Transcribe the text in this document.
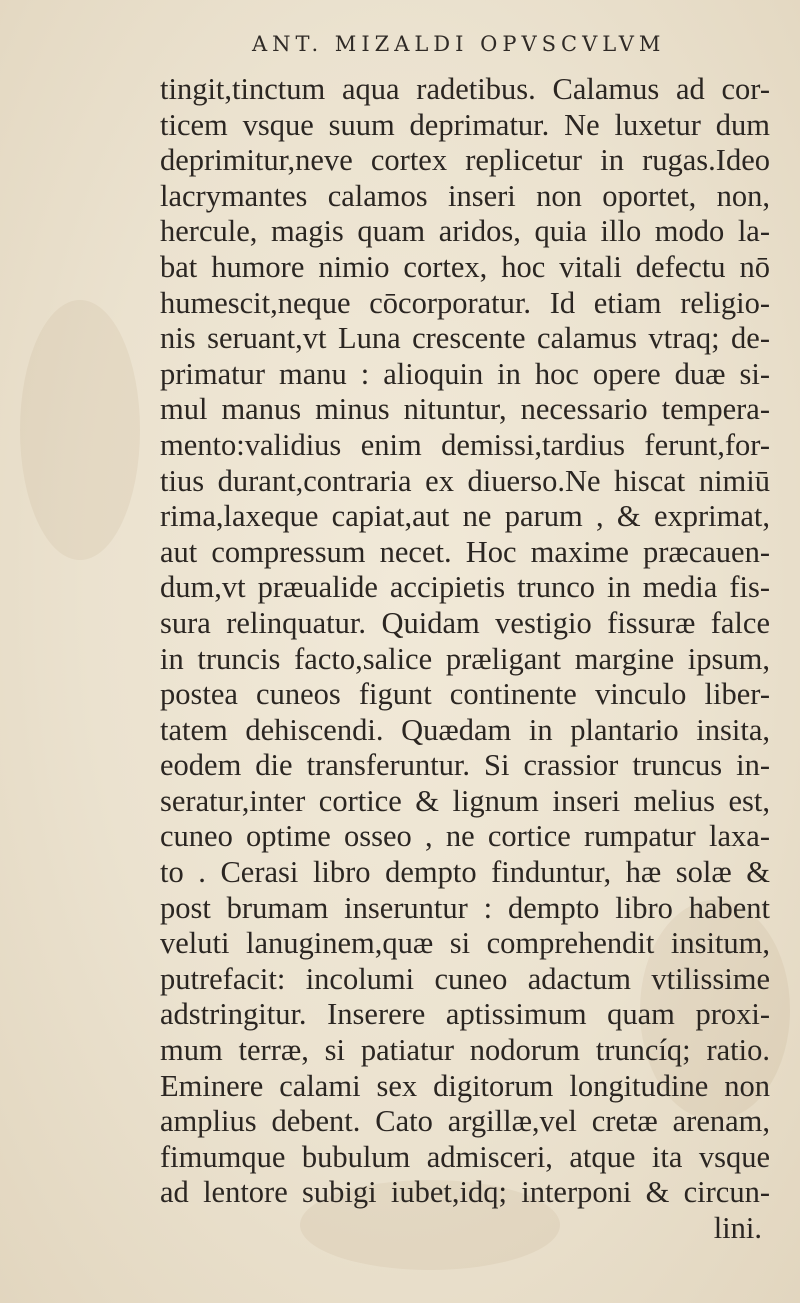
ANT. MIZALDI OPVSCVLVM
tingit,tinctum aqua radetibus. Calamus ad cor-
ticem vsque suum deprimatur. Ne luxetur dum
deprimitur,neve cortex replicetur in rugas.Ideo
lacrymantes calamos inseri non oportet, non,
hercule, magis quam aridos, quia illo modo la-
bat humore nimio cortex, hoc vitali defectu nō
humescit,neque cōcorporatur. Id etiam religio-
nis seruant,vt Luna crescente calamus vtraq; de-
primatur manu : alioquin in hoc opere duæ si-
mul manus minus nituntur, necessario tempera-
mento:validius enim demissi,tardius ferunt,for-
tius durant,contraria ex diuerso.Ne hiscat nimiū
rima,laxeque capiat,aut ne parum , & exprimat,
aut compressum necet. Hoc maxime præcauen-
dum,vt præualide accipietis trunco in media fis-
sura relinquatur. Quidam vestigio fissuræ falce
in truncis facto,salice præligant margine ipsum,
postea cuneos figunt continente vinculo liber-
tatem dehiscendi. Quædam in plantario insita,
eodem die transferuntur. Si crassior truncus in-
seratur,inter cortice & lignum inseri melius est,
cuneo optime osseo , ne cortice rumpatur laxa-
to . Cerasi libro dempto finduntur, hæ solæ &
post brumam inseruntur : dempto libro habent
veluti lanuginem,quæ si comprehendit insitum,
putrefacit: incolumi cuneo adactum vtilissime
adstringitur. Inserere aptissimum quam proxi-
mum terræ, si patiatur nodorum truncíq; ratio.
Eminere calami sex digitorum longitudine non
amplius debent. Cato argillæ,vel cretæ arenam,
fimumque bubulum admisceri, atque ita vsque
ad lentore subigi iubet,idq; interponi & circun-
lini.
